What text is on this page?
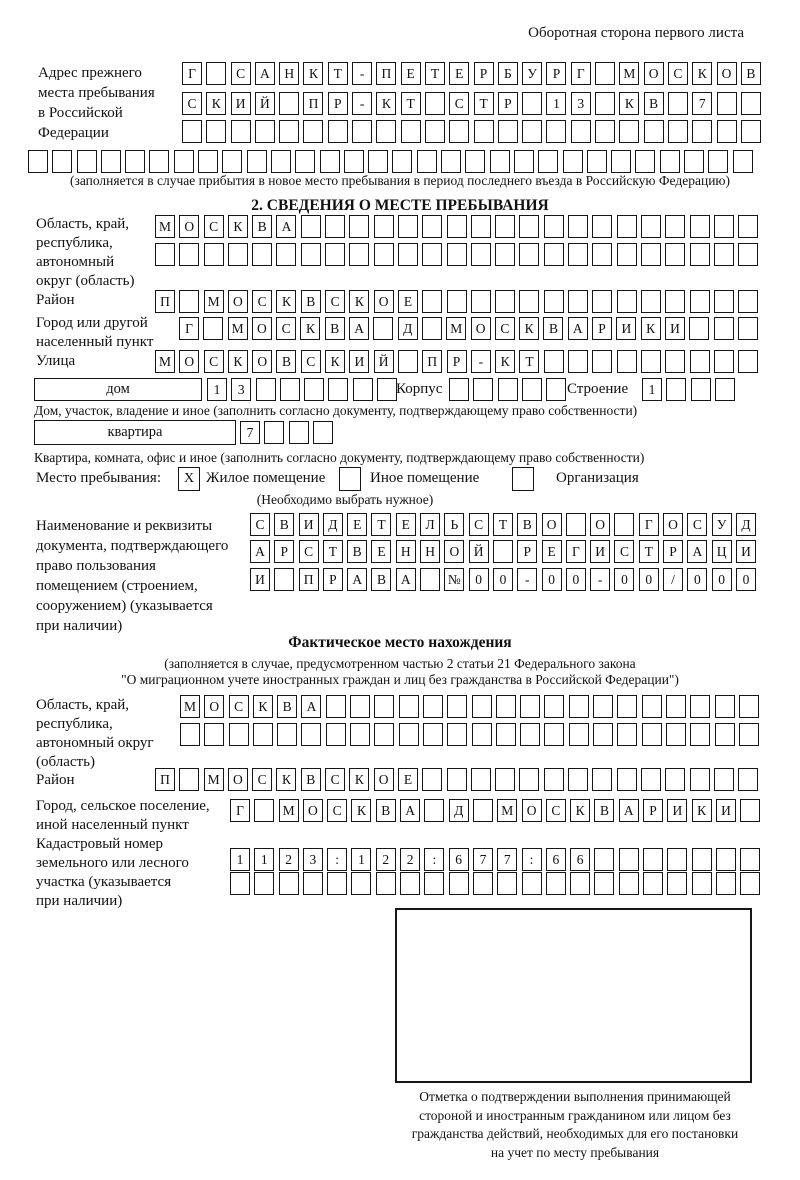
Оборотная сторона первого листа
Адрес прежнего
места пребывания
в Российской
Федерации
Г	С	А	Н	К	Т	-	П	Е	Т	Е	Р	Б	У	Р	Г	М О	С	К	О	В
С	К	И	Й	П	Р	-	К	Т	С	Т	Р	1	3	К	В	7
(заполняется в случае прибытия в новое место пребывания в период последнего въезда в Российскую Федерацию)
2. СВЕДЕНИЯ О МЕСТЕ ПРЕБЫВАНИЯ
Область, край,
республика,
автономный
округ (область)
М О	С	К	В	А
Район	П	М О	С	К	В	С	К	О	Е
Город или другой
населенный пункт
Г	М О	С	К	В	А	Д	М О	С	К	В	А	Р	И	К	И
Улица	М О	С	К	О	В	С	К	И	Й	П	Р	-	К	Т
дом	1	3	Корпус	Строение	1
Дом, участок, владение и иное (заполнить согласно документу, подтверждающему право собственности)
квартира	7
Квартира, комната, офис и иное (заполнить согласно документу, подтверждающему право собственности)
Место пребывания:	X Жилое помещение	Иное помещение	Организация
(Необходимо выбрать нужное)
Наименование и реквизиты
документа, подтверждающего
право пользования
помещением (строением,
сооружением) (указывается
при наличии)
С	В	И	Д	Е	Т	Е	Л	Ь	С	Т	В	О	О	Г	О	С	У	Д
А	Р	С	Т	В	Е	Н	Н	О	Й	Р	Е	Г	И	С	Т	Р	А	Ц	И
И	П	Р	А	В	А	№	0	0	-	0	0	-	0	0	/	0	0	0
Фактическое место нахождения
(заполняется в случае, предусмотренном частью 2 статьи 21 Федерального закона
"О миграционном учете иностранных граждан и лиц без гражданства в Российской Федерации")
Область, край,
республика,
автономный округ
(область)
М О	С	К	В	А
Район	П	М О	С	К	В	С	К	О	Е
Город, сельское поселение,
иной населенный пункт
Г	М О	С	К	В	А	Д	М О	С	К	В	А	Р	И	К	И
Кадастровый номер
земельного или лесного
участка (указывается
при наличии)
1	1	2	3	:	1	2	2	:	6	7	7	:	6	6
Отметка о подтверждении выполнения принимающей
стороной и иностранным гражданином или лицом без
гражданства действий, необходимых для его постановки
на учет по месту пребывания
